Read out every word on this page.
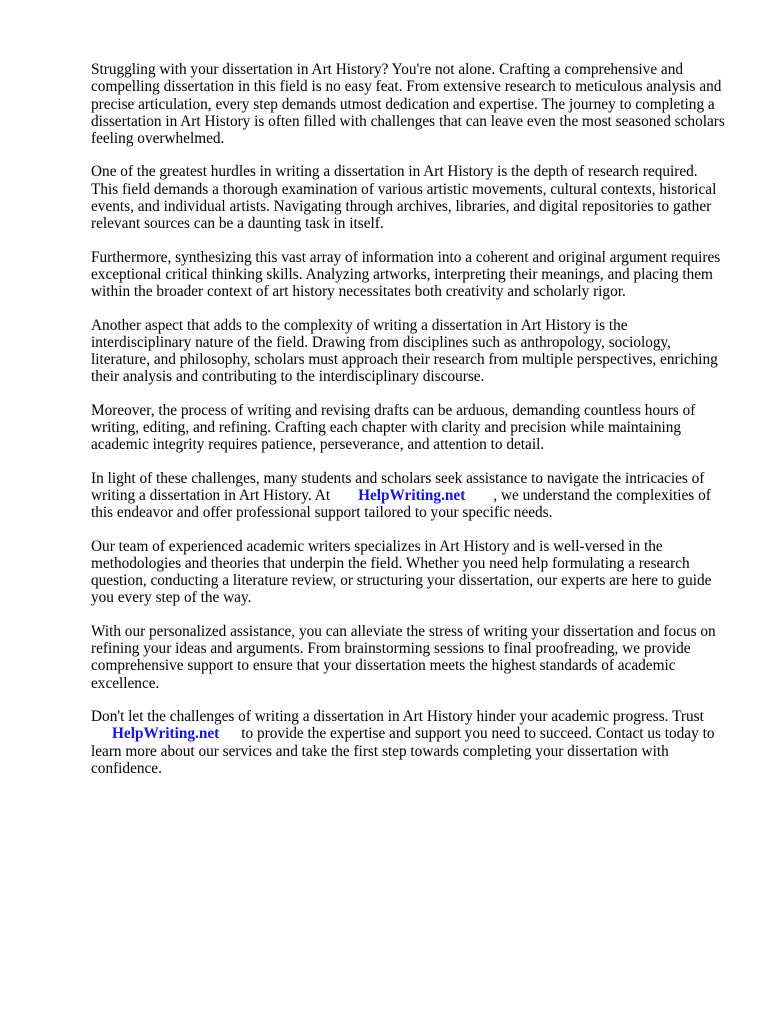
Struggling with your dissertation in Art History? You're not alone. Crafting a comprehensive and compelling dissertation in this field is no easy feat. From extensive research to meticulous analysis and precise articulation, every step demands utmost dedication and expertise. The journey to completing a dissertation in Art History is often filled with challenges that can leave even the most seasoned scholars feeling overwhelmed.

One of the greatest hurdles in writing a dissertation in Art History is the depth of research required. This field demands a thorough examination of various artistic movements, cultural contexts, historical events, and individual artists. Navigating through archives, libraries, and digital repositories to gather relevant sources can be a daunting task in itself.

Furthermore, synthesizing this vast array of information into a coherent and original argument requires exceptional critical thinking skills. Analyzing artworks, interpreting their meanings, and placing them within the broader context of art history necessitates both creativity and scholarly rigor.

Another aspect that adds to the complexity of writing a dissertation in Art History is the interdisciplinary nature of the field. Drawing from disciplines such as anthropology, sociology, literature, and philosophy, scholars must approach their research from multiple perspectives, enriching their analysis and contributing to the interdisciplinary discourse.

Moreover, the process of writing and revising drafts can be arduous, demanding countless hours of writing, editing, and refining. Crafting each chapter with clarity and precision while maintaining academic integrity requires patience, perseverance, and attention to detail.

In light of these challenges, many students and scholars seek assistance to navigate the intricacies of writing a dissertation in Art History. At HelpWriting.net , we understand the complexities of this endeavor and offer professional support tailored to your specific needs.

Our team of experienced academic writers specializes in Art History and is well-versed in the methodologies and theories that underpin the field. Whether you need help formulating a research question, conducting a literature review, or structuring your dissertation, our experts are here to guide you every step of the way.

With our personalized assistance, you can alleviate the stress of writing your dissertation and focus on refining your ideas and arguments. From brainstorming sessions to final proofreading, we provide comprehensive support to ensure that your dissertation meets the highest standards of academic excellence.

Don't let the challenges of writing a dissertation in Art History hinder your academic progress. Trust HelpWriting.net to provide the expertise and support you need to succeed. Contact us today to learn more about our services and take the first step towards completing your dissertation with confidence.
